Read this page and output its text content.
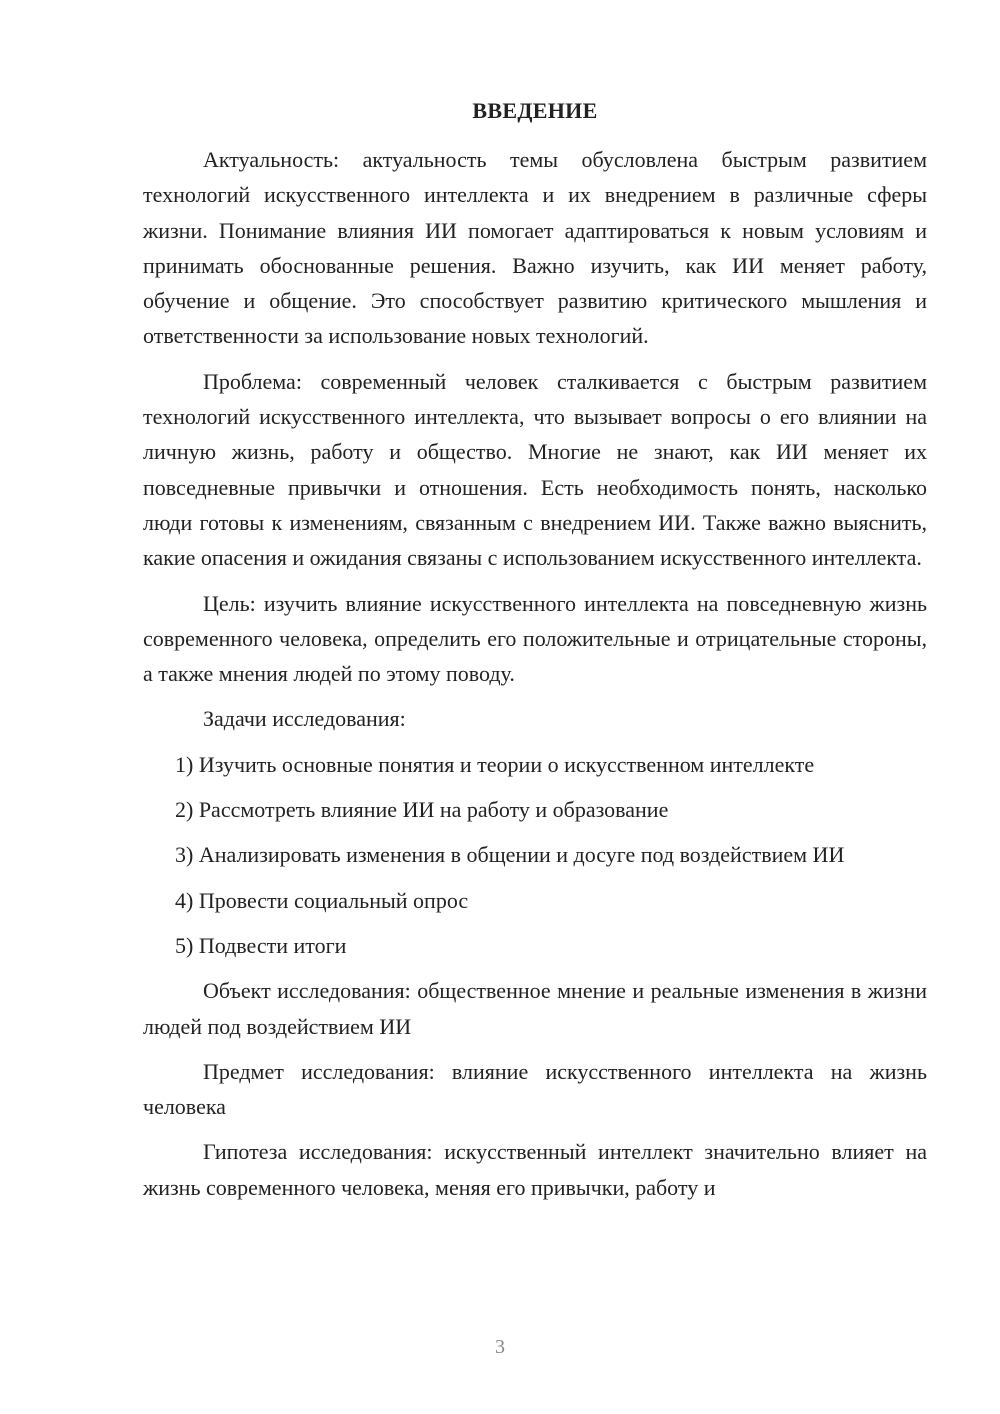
ВВЕДЕНИЕ

Актуальность: актуальность темы обусловлена быстрым развитием технологий искусственного интеллекта и их внедрением в различные сферы жизни. Понимание влияния ИИ помогает адаптироваться к новым условиям и принимать обоснованные решения. Важно изучить, как ИИ меняет работу, обучение и общение. Это способствует развитию критического мышления и ответственности за использование новых технологий.

Проблема: современный человек сталкивается с быстрым развитием технологий искусственного интеллекта, что вызывает вопросы о его влиянии на личную жизнь, работу и общество. Многие не знают, как ИИ меняет их повседневные привычки и отношения. Есть необходимость понять, насколько люди готовы к изменениям, связанным с внедрением ИИ. Также важно выяснить, какие опасения и ожидания связаны с использованием искусственного интеллекта.

Цель: изучить влияние искусственного интеллекта на повседневную жизнь современного человека, определить его положительные и отрицательные стороны, а также мнения людей по этому поводу.

Задачи исследования:

1) Изучить основные понятия и теории о искусственном интеллекте

2) Рассмотреть влияние ИИ на работу и образование

3) Анализировать изменения в общении и досуге под воздействием ИИ

4) Провести социальный опрос

5) Подвести итоги

Объект исследования: общественное мнение и реальные изменения в жизни людей под воздействием ИИ

Предмет исследования: влияние искусственного интеллекта на жизнь человека

Гипотеза исследования: искусственный интеллект значительно влияет на жизнь современного человека, меняя его привычки, работу и

3
